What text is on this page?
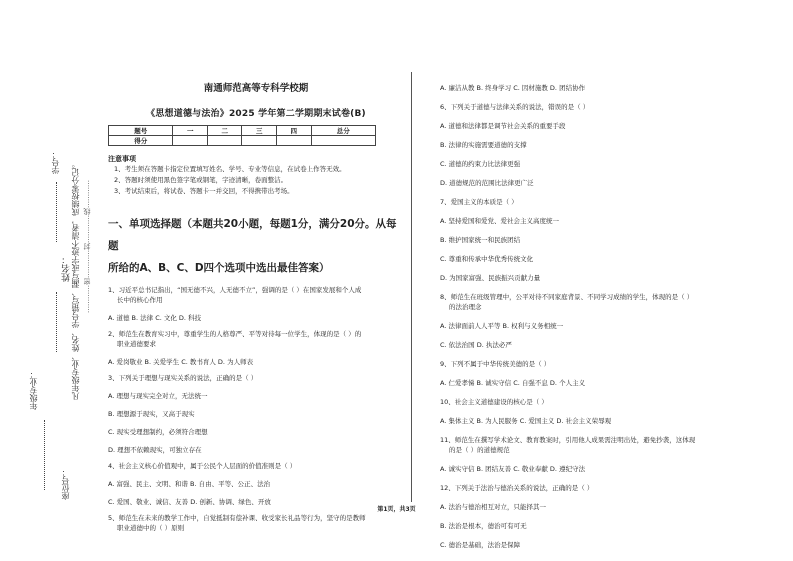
学号：
姓名：
年级专业：
座位号：
凡年级专业、姓名、学号错写、漏写或字迹不清者，成绩按零分记。 …………密…………封…………线…………
南通师范高等专科学校期
《思想道德与法治》2025 学年第二学期期末试卷(B)
题号	一	二	三	四	总分
得分					
注意事项
1、考生须在答题卡指定位置填写姓名、学号、专业等信息，在试卷上作答无效。
2、答题时须使用黑色签字笔或钢笔，字迹清晰，卷面整洁。
3、考试结束后，将试卷、答题卡一并交回，不得携带出考场。
一、单项选择题（本题共20小题，每题1分，满分20分。从每题
所给的A、B、C、D四个选项中选出最佳答案）
1、习近平总书记指出，“国无德不兴，人无德不立”，强调的是（ ）在国家发展和个人成
长中的核心作用
A. 道德 B. 法律 C. 文化 D. 科技
2、师范生在教育实习中，尊重学生的人格尊严、平等对待每一位学生，体现的是（ ）的
职业道德要求
A. 爱岗敬业 B. 关爱学生 C. 教书育人 D. 为人师表
3、下列关于理想与现实关系的说法，正确的是（ ）
A. 理想与现实完全对立，无法统一
B. 理想源于现实，又高于现实
C. 现实受理想制约，必须符合理想
D. 理想不依赖现实，可独立存在
4、社会主义核心价值观中，属于公民个人层面的价值准则是（ ）
A. 富强、民主、文明、和谐 B. 自由、平等、公正、法治
C. 爱国、敬业、诚信、友善 D. 创新、协调、绿色、开放
5、师范生在未来的教学工作中，自觉抵制有偿补课、收受家长礼品等行为，坚守的是教师
职业道德中的（ ）原则
A. 廉洁从教 B. 终身学习 C. 因材施教 D. 团结协作
6、下列关于道德与法律关系的说法，错误的是（ ）
A. 道德和法律都是调节社会关系的重要手段
B. 法律的实施需要道德的支撑
C. 道德的约束力比法律更强
D. 道德规范的范围比法律更广泛
7、爱国主义的本质是（ ）
A. 坚持爱国和爱党、爱社会主义高度统一
B. 维护国家统一和民族团结
C. 尊重和传承中华优秀传统文化
D. 为国家富强、民族振兴贡献力量
8、师范生在班级管理中，公平对待不同家庭背景、不同学习成绩的学生，体现的是（ ）
的法治理念
A. 法律面前人人平等 B. 权利与义务相统一
C. 依法治国 D. 执法必严
9、下列不属于中华传统美德的是（ ）
A. 仁爱孝悌 B. 诚实守信 C. 自强不息 D. 个人主义
10、社会主义道德建设的核心是（ ）
A. 集体主义 B. 为人民服务 C. 爱国主义 D. 社会主义荣辱观
11、师范生在撰写学术论文、教育教案时，引用他人成果需注明出处，避免抄袭，这体现
的是（ ）的道德规范
A. 诚实守信 B. 团结友善 C. 敬业奉献 D. 遵纪守法
12、下列关于法治与德治关系的说法，正确的是（ ）
A. 法治与德治相互对立，只能择其一
B. 法治是根本，德治可有可无
C. 德治是基础，法治是保障
第1页，共3页
